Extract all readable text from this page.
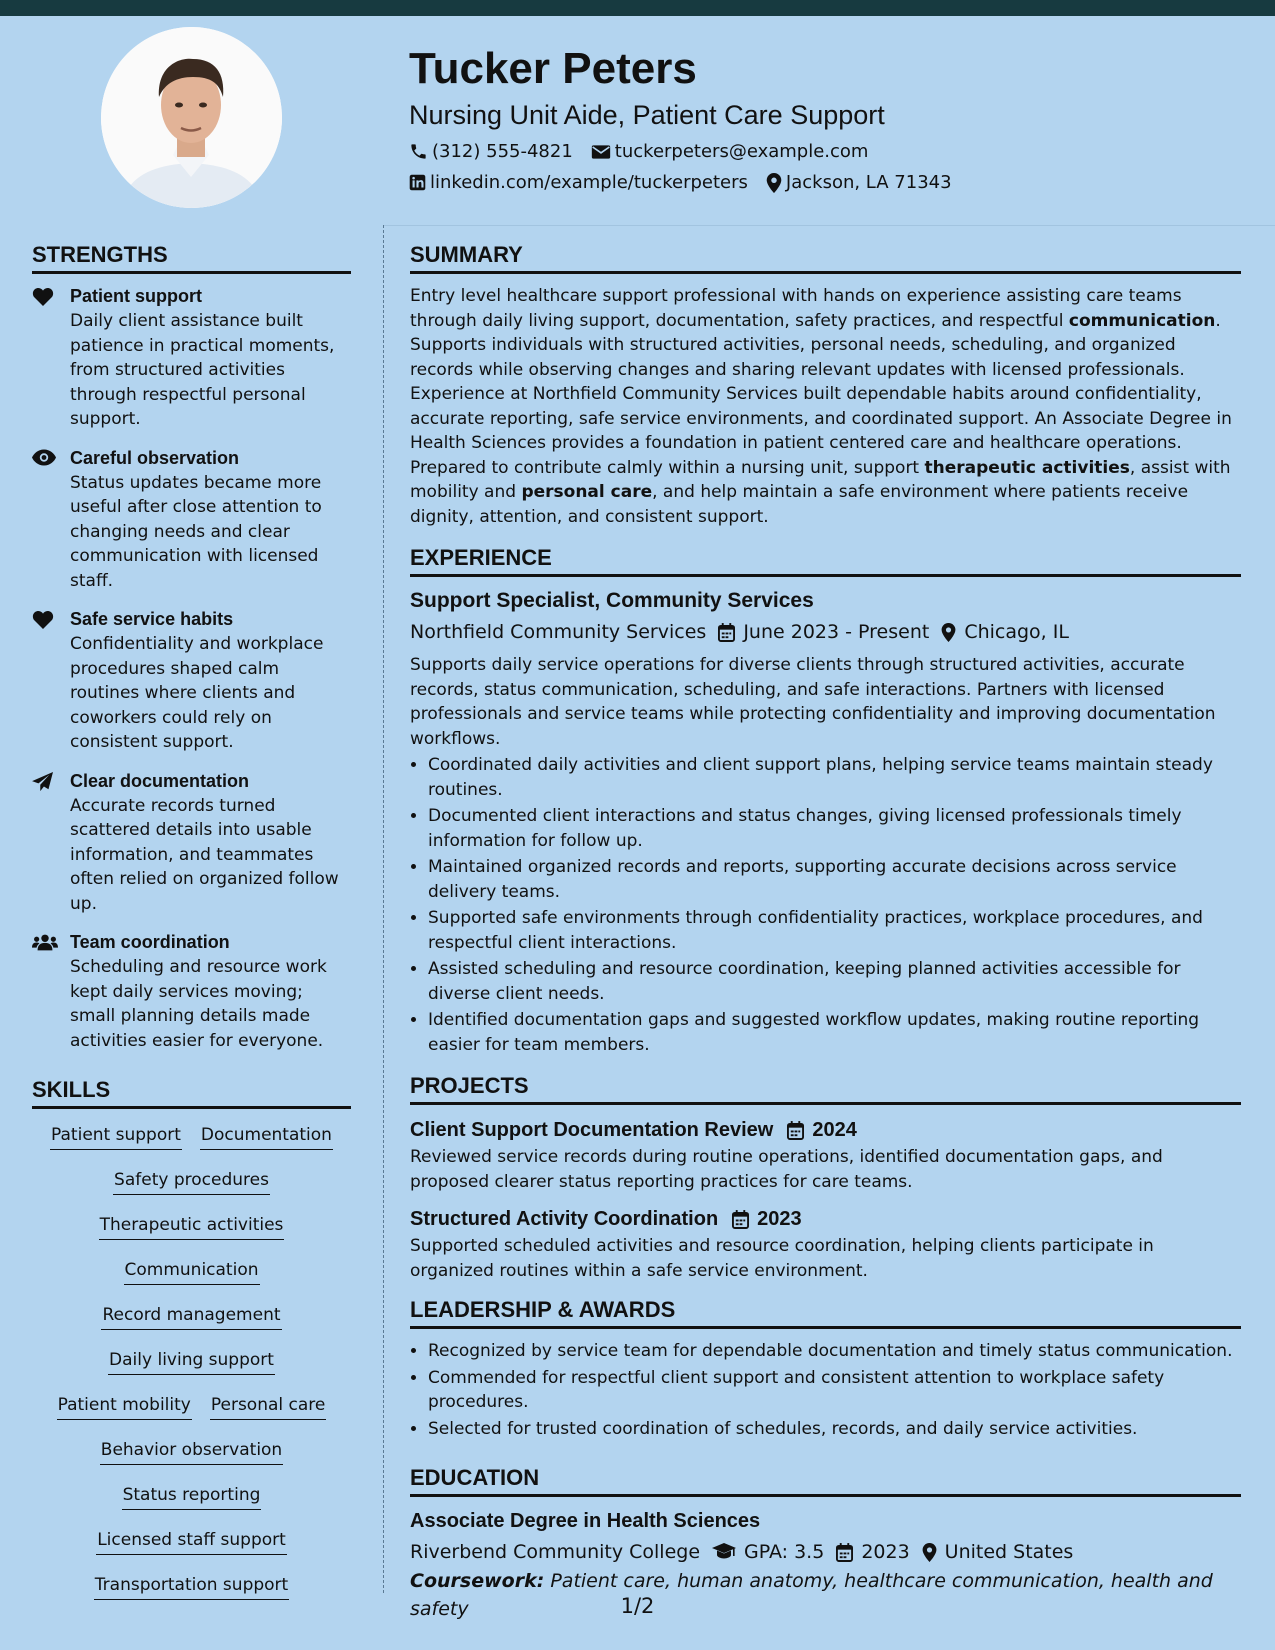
Tucker Peters
Nursing Unit Aide, Patient Care Support
(312) 555-4821 tuckerpeters@example.com
linkedin.com/example/tuckerpeters Jackson, LA 71343
STRENGTHS
Patient support
Daily client assistance built patience in practical moments, from structured activities through respectful personal support.
Careful observation
Status updates became more useful after close attention to changing needs and clear communication with licensed staff.
Safe service habits
Confidentiality and workplace procedures shaped calm routines where clients and coworkers could rely on consistent support.
Clear documentation
Accurate records turned scattered details into usable information, and teammates often relied on organized follow up.
Team coordination
Scheduling and resource work kept daily services moving; small planning details made activities easier for everyone.
SKILLS
Patient support Documentation
Safety procedures
Therapeutic activities
Communication
Record management
Daily living support
Patient mobility Personal care
Behavior observation
Status reporting
Licensed staff support
Transportation support
SUMMARY

Entry level healthcare support professional with hands on experience assisting care teams through daily living support, documentation, safety practices, and respectful communication. Supports individuals with structured activities, personal needs, scheduling, and organized records while observing changes and sharing relevant updates with licensed professionals. Experience at Northfield Community Services built dependable habits around confidentiality, accurate reporting, safe service environments, and coordinated support. An Associate Degree in Health Sciences provides a foundation in patient centered care and healthcare operations. Prepared to contribute calmly within a nursing unit, support therapeutic activities, assist with mobility and personal care, and help maintain a safe environment where patients receive dignity, attention, and consistent support.

EXPERIENCE
Support Specialist, Community Services
Northfield Community Services June 2023 - Present Chicago, IL

Supports daily service operations for diverse clients through structured activities, accurate records, status communication, scheduling, and safe interactions. Partners with licensed professionals and service teams while protecting confidentiality and improving documentation workflows.

• Coordinated daily activities and client support plans, helping service teams maintain steady routines.
• Documented client interactions and status changes, giving licensed professionals timely information for follow up.
• Maintained organized records and reports, supporting accurate decisions across service delivery teams.
• Supported safe environments through confidentiality practices, workplace procedures, and respectful client interactions.
• Assisted scheduling and resource coordination, keeping planned activities accessible for diverse client needs.
• Identified documentation gaps and suggested workflow updates, making routine reporting easier for team members.
PROJECTS
Client Support Documentation Review 2024

Reviewed service records during routine operations, identified documentation gaps, and proposed clearer status reporting practices for care teams.

Structured Activity Coordination 2023

Supported scheduled activities and resource coordination, helping clients participate in organized routines within a safe service environment.

LEADERSHIP & AWARDS
• Recognized by service team for dependable documentation and timely status communication.
• Commended for respectful client support and consistent attention to workplace safety procedures.
• Selected for trusted coordination of schedules, records, and daily service activities.
EDUCATION
Associate Degree in Health Sciences
Riverbend Community College GPA: 3.5 2023 United States
Coursework: Patient care, human anatomy, healthcare communication, health and safety	1/2
